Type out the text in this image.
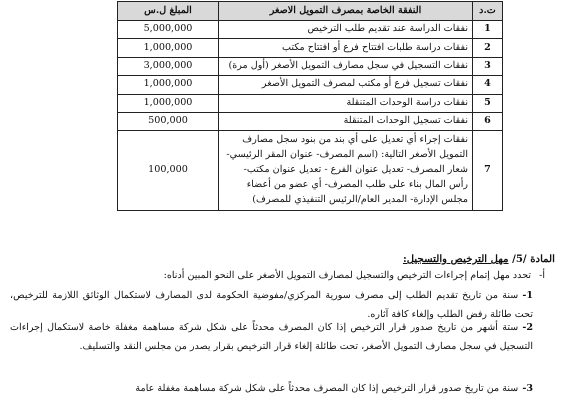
ت.د	النفقة الخاصة بمصرف التمويل الاصغر	المبلغ ل.س
1	نفقات الدراسة عند تقديم طلب الترخيص	5,000,000
2	نفقات دراسة طلبات افتتاح فرع أو افتتاح مكتب	1,000,000
3	نفقات التسجيل في سجل مصارف التمويل الأصغر (أول مرة)	3,000,000
4	نفقات تسجيل فرع أو مكتب لمصرف التمويل الأصغر	1,000,000
5	نفقات دراسة الوحدات المتنقلة	1,000,000
6	نفقات تسجيل الوحدات المتنقلة	500,000
7	نفقات إجراء أي تعديل على أي بند من بنود سجل مصارف التمويل الأصغر التالية: (اسم المصرف- عنوان المقر الرئيسي- شعار المصرف- تعديل عنوان الفرع - تعديل عنوان مكتب- رأس المال بناء على طلب المصرف- أي عضو من أعضاء مجلس الإدارة- المدير العام/الرئيس التنفيذي للمصرف)	100,000
المادة /5/ مهل الترخيص والتسجيل:
أ-تحدد مهل إتمام إجراءات الترخيص والتسجيل لمصارف التمويل الأصغر على النحو المبين أدناه:
1-سنة من تاريخ تقديم الطلب إلى مصرف سورية المركزي/مفوضية الحكومة لدى المصارف لاستكمال الوثائق اللازمة للترخيص، تحت طائلة رفض الطلب وإلغاء كافة آثاره.
2-ستة أشهر من تاريخ صدور قرار الترخيص إذا كان المصرف محدثاً على شكل شركة مساهمة مغفلة خاصة لاستكمال إجراءات التسجيل في سجل مصارف التمويل الأصغر، تحت طائلة إلغاء قرار الترخيص بقرار يصدر من مجلس النقد والتسليف.
3-سنة من تاريخ صدور قرار الترخيص إذا كان المصرف محدثاً على شكل شركة مساهمة مغفلة عامة
